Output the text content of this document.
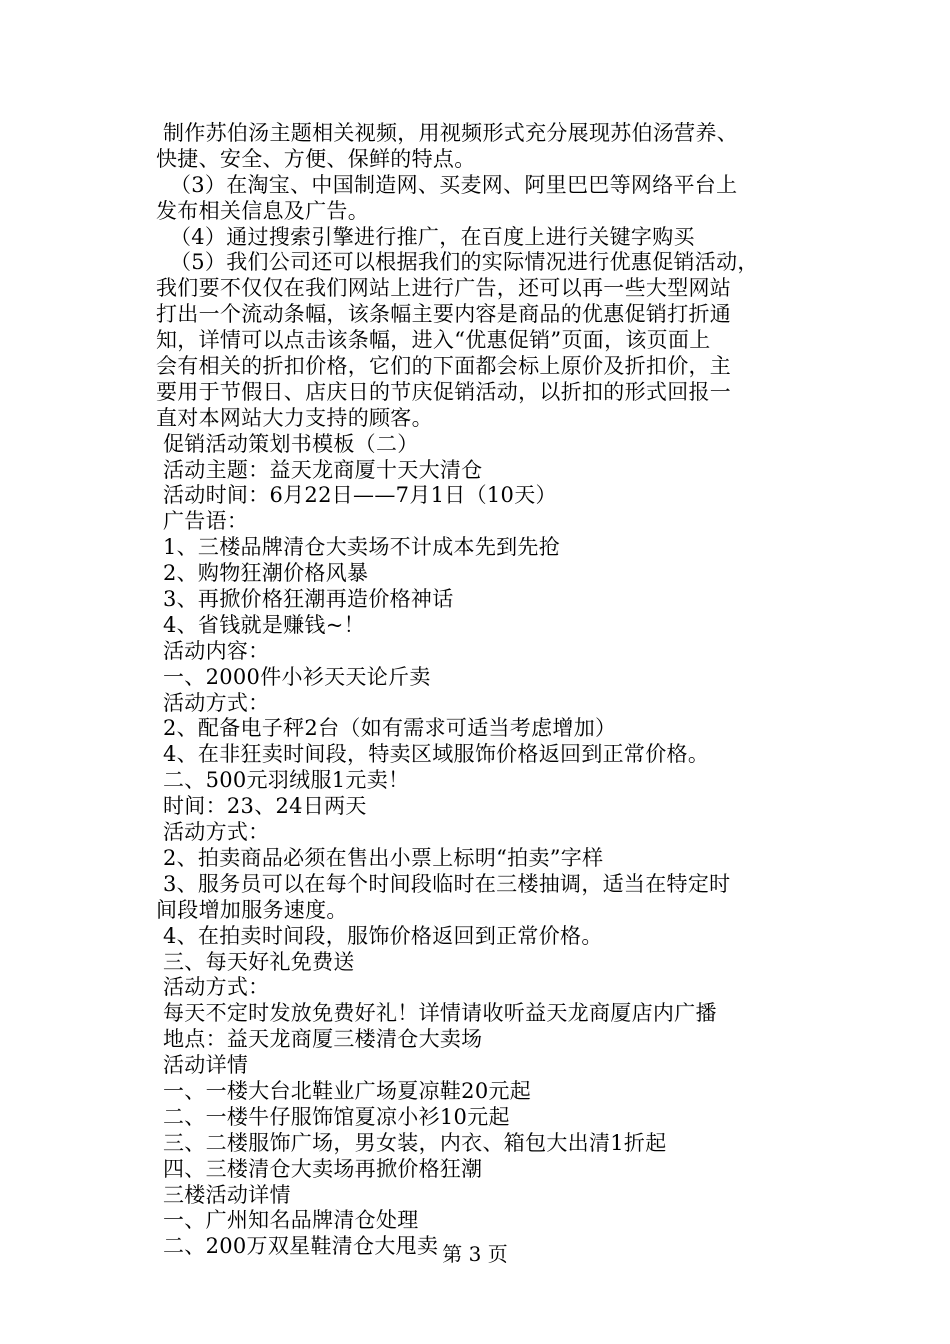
制作苏伯汤主题相关视频，用视频形式充分展现苏伯汤营养、
快捷、安全、方便、保鲜的特点。
（3）在淘宝、中国制造网、买麦网、阿里巴巴等网络平台上
发布相关信息及广告。
（4）通过搜索引擎进行推广，在百度上进行关键字购买
（5）我们公司还可以根据我们的实际情况进行优惠促销活动，
我们要不仅仅在我们网站上进行广告，还可以再一些大型网站
打出一个流动条幅，该条幅主要内容是商品的优惠促销打折通
知，详情可以点击该条幅，进入“优惠促销”页面，该页面上
会有相关的折扣价格，它们的下面都会标上原价及折扣价，主
要用于节假日、店庆日的节庆促销活动，以折扣的形式回报一
直对本网站大力支持的顾客。
促销活动策划书模板（二）
活动主题：益天龙商厦十天大清仓
活动时间：6月22日——7月1日（10天）
广告语：
1、三楼品牌清仓大卖场不计成本先到先抢
2、购物狂潮价格风暴
3、再掀价格狂潮再造价格神话
4、省钱就是赚钱~！
活动内容：
一、2000件小衫天天论斤卖
活动方式：
2、配备电子秤2台（如有需求可适当考虑增加）
4、在非狂卖时间段，特卖区域服饰价格返回到正常价格。
二、500元羽绒服1元卖！
时间：23、24日两天
活动方式：
2、拍卖商品必须在售出小票上标明“拍卖”字样
3、服务员可以在每个时间段临时在三楼抽调，适当在特定时
间段增加服务速度。
4、在拍卖时间段，服饰价格返回到正常价格。
三、每天好礼免费送
活动方式：
每天不定时发放免费好礼！详情请收听益天龙商厦店内广播
地点：益天龙商厦三楼清仓大卖场
活动详情
一、一楼大台北鞋业广场夏凉鞋20元起
二、一楼牛仔服饰馆夏凉小衫10元起
三、二楼服饰广场，男女装，内衣、箱包大出清1折起
四、三楼清仓大卖场再掀价格狂潮
三楼活动详情
一、广州知名品牌清仓处理
二、200万双星鞋清仓大甩卖 第 3 页
